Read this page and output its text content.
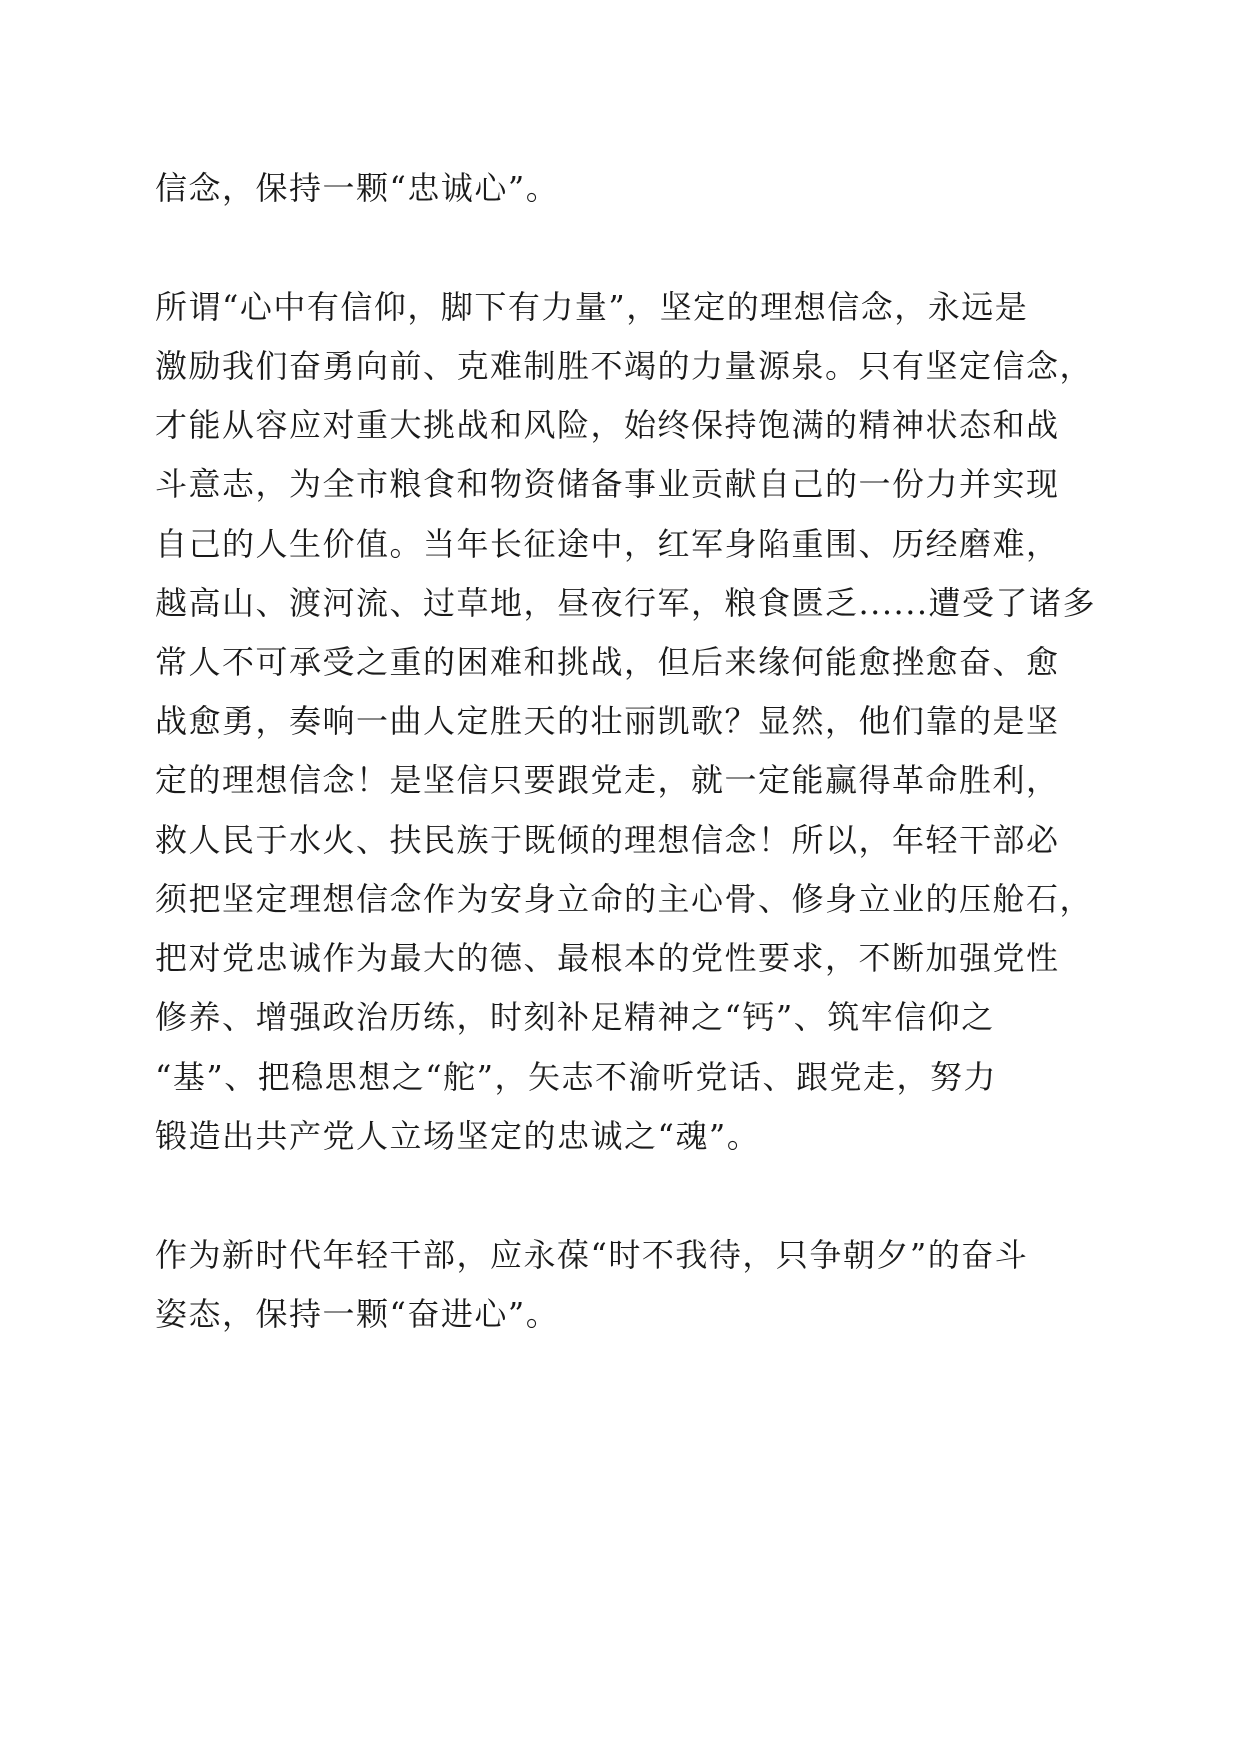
信念，保持一颗“忠诚心”。

所谓“心中有信仰，脚下有力量”，坚定的理想信念，永远是

激励我们奋勇向前、克难制胜不竭的力量源泉。只有坚定信念，

才能从容应对重大挑战和风险，始终保持饱满的精神状态和战

斗意志，为全市粮食和物资储备事业贡献自己的一份力并实现

自己的人生价值。当年长征途中，红军身陷重围、历经磨难，

越高山、渡河流、过草地，昼夜行军，粮食匮乏......遭受了诸多

常人不可承受之重的困难和挑战，但后来缘何能愈挫愈奋、愈

战愈勇，奏响一曲人定胜天的壮丽凯歌？显然，他们靠的是坚

定的理想信念！是坚信只要跟党走，就一定能赢得革命胜利，

救人民于水火、扶民族于既倾的理想信念！所以，年轻干部必

须把坚定理想信念作为安身立命的主心骨、修身立业的压舱石，

把对党忠诚作为最大的德、最根本的党性要求，不断加强党性

修养、增强政治历练，时刻补足精神之“钙”、筑牢信仰之

“基”、把稳思想之“舵”，矢志不渝听党话、跟党走，努力

锻造出共产党人立场坚定的忠诚之“魂”。

作为新时代年轻干部，应永葆“时不我待，只争朝夕”的奋斗

姿态，保持一颗“奋进心”。
